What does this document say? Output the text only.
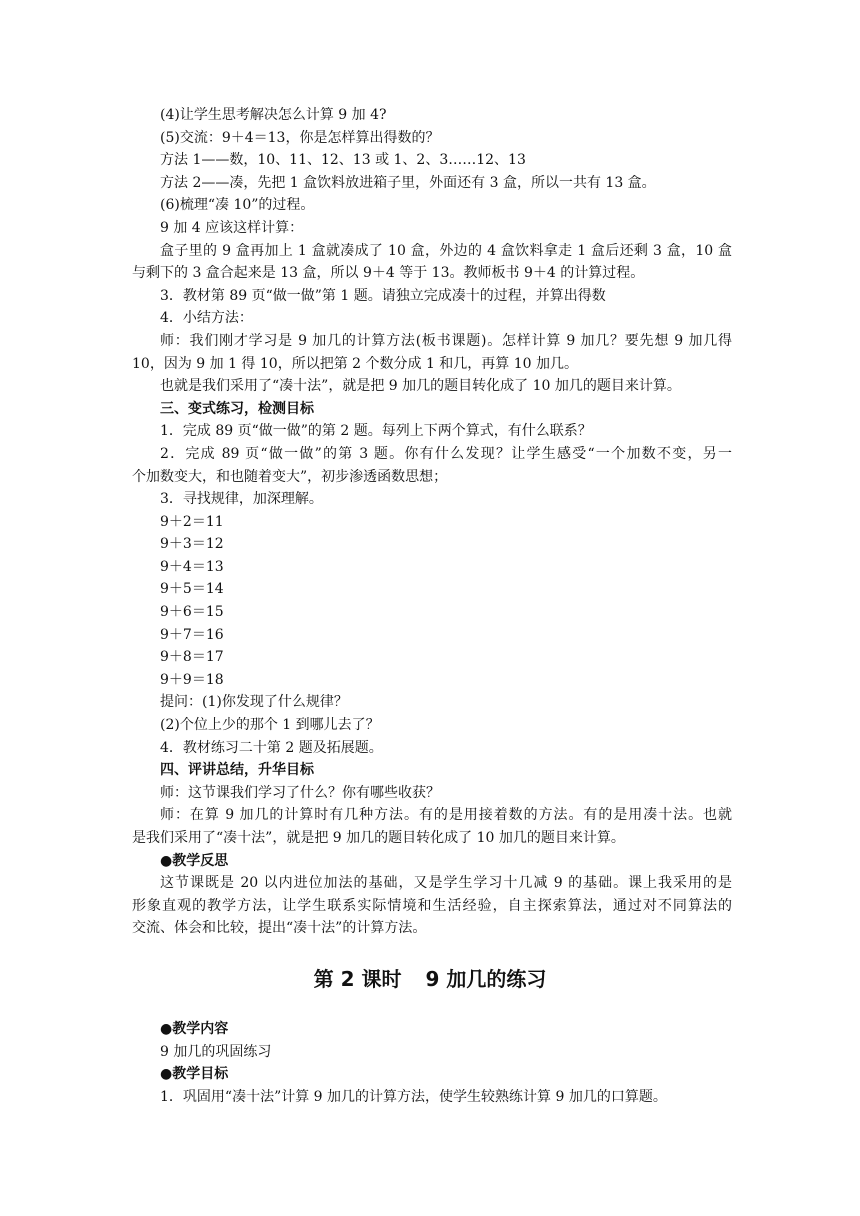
(4)让学生思考解决怎么计算 9 加 4?
(5)交流：9＋4＝13，你是怎样算出得数的？
方法 1——数，10、11、12、13 或 1、2、3……12、13
方法 2——凑，先把 1 盒饮料放进箱子里，外面还有 3 盒，所以一共有 13 盒。
(6)梳理“凑 10”的过程。
9 加 4 应该这样计算：
盒子里的 9 盒再加上 1 盒就凑成了 10 盒，外边的 4 盒饮料拿走 1 盒后还剩 3 盒，10 盒
与剩下的 3 盒合起来是 13 盒，所以 9＋4 等于 13。教师板书 9＋4 的计算过程。
3．教材第 89 页“做一做”第 1 题。请独立完成凑十的过程，并算出得数
4．小结方法：
师：我们刚才学习是 9 加几的计算方法(板书课题)。怎样计算 9 加几？要先想 9 加几得
10，因为 9 加 1 得 10，所以把第 2 个数分成 1 和几，再算 10 加几。
也就是我们采用了“凑十法”，就是把 9 加几的题目转化成了 10 加几的题目来计算。
三、变式练习，检测目标
1．完成 89 页“做一做”的第 2 题。每列上下两个算式，有什么联系？
2．完成 89 页“做一做”的第 3 题。你有什么发现？让学生感受“一个加数不变，另一
个加数变大，和也随着变大”，初步渗透函数思想；
3．寻找规律，加深理解。
9＋2＝11
9＋3＝12
9＋4＝13
9＋5＝14
9＋6＝15
9＋7＝16
9＋8＝17
9＋9＝18
提问：(1)你发现了什么规律？
(2)个位上少的那个 1 到哪儿去了？
4．教材练习二十第 2 题及拓展题。
四、评讲总结，升华目标
师：这节课我们学习了什么？你有哪些收获？
师：在算 9 加几的计算时有几种方法。有的是用接着数的方法。有的是用凑十法。也就
是我们采用了“凑十法”，就是把 9 加几的题目转化成了 10 加几的题目来计算。
●教学反思
这节课既是 20 以内进位加法的基础，又是学生学习十几减 9 的基础。课上我采用的是
形象直观的教学方法，让学生联系实际情境和生活经验，自主探索算法，通过对不同算法的
交流、体会和比较，提出“凑十法”的计算方法。
第 2 课时 9 加几的练习
●教学内容
9 加几的巩固练习
●教学目标
1．巩固用“凑十法”计算 9 加几的计算方法，使学生较熟练计算 9 加几的口算题。
